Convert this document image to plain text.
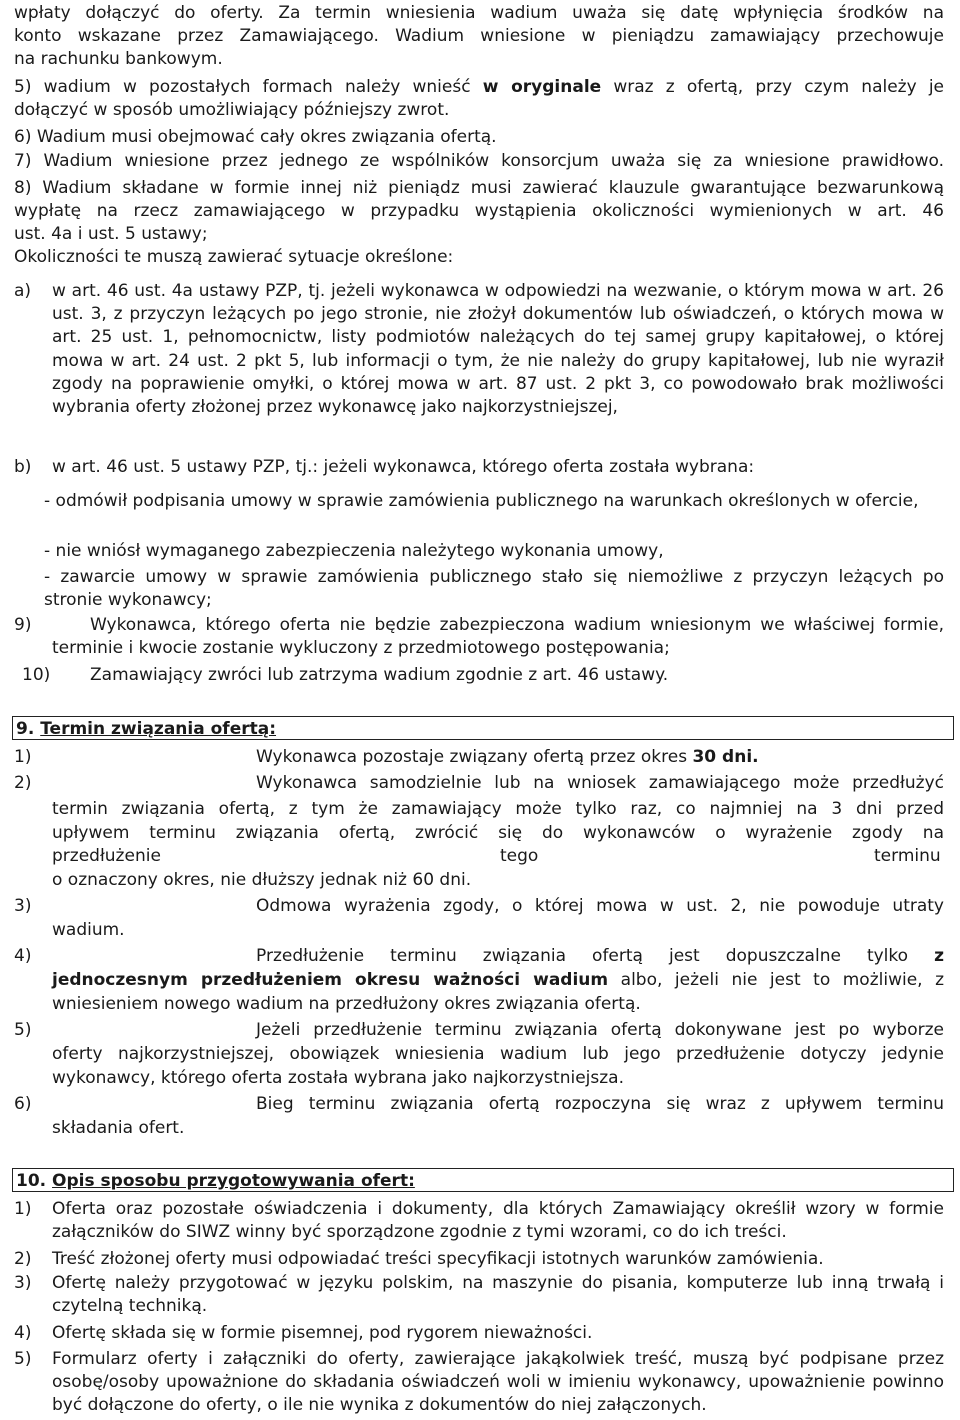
wpłaty dołączyć do oferty. Za termin wniesienia wadium uważa się datę wpłynięcia środków na
konto wskazane przez Zamawiającego. Wadium wniesione w pieniądzu zamawiający przechowuje
na rachunku bankowym.
5) wadium w pozostałych formach należy wnieść w oryginale wraz z ofertą, przy czym należy je
dołączyć w sposób umożliwiający późniejszy zwrot.
6) Wadium musi obejmować cały okres związania ofertą.
7) Wadium wniesione przez jednego ze wspólników konsorcjum uważa się za wniesione prawidłowo.
8) Wadium składane w formie innej niż pieniądz musi zawierać klauzule gwarantujące bezwarunkową
wypłatę na rzecz zamawiającego w przypadku wystąpienia okoliczności wymienionych w art. 46
ust. 4a i ust. 5 ustawy;
Okoliczności te muszą zawierać sytuacje określone:
a) w art. 46 ust. 4a ustawy PZP, tj. jeżeli wykonawca w odpowiedzi na wezwanie, o którym mowa w art. 26 ust. 3, z przyczyn leżących po jego stronie, nie złożył dokumentów lub oświadczeń, o których mowa w art. 25 ust. 1, pełnomocnictw, listy podmiotów należących do tej samej grupy kapitałowej, o której mowa w art. 24 ust. 2 pkt 5, lub informacji o tym, że nie należy do grupy kapitałowej, lub nie wyraził zgody na poprawienie omyłki, o której mowa w art. 87 ust. 2 pkt 3, co powodowało brak możliwości wybrania oferty złożonej przez wykonawcę jako najkorzystniejszej,
b) w art. 46 ust. 5 ustawy PZP, tj.: jeżeli wykonawca, którego oferta została wybrana:
- odmówił podpisania umowy w sprawie zamówienia publicznego na warunkach określonych w ofercie,
- nie wniósł wymaganego zabezpieczenia należytego wykonania umowy,
- zawarcie umowy w sprawie zamówienia publicznego stało się niemożliwe z przyczyn leżących po stronie wykonawcy;
9)	Wykonawca, którego oferta nie będzie zabezpieczona wadium wniesionym we właściwej formie, terminie i kwocie zostanie wykluczony z przedmiotowego postępowania;
10) Zamawiający zwróci lub zatrzyma wadium zgodnie z art. 46 ustawy.
9. Termin związania ofertą:
1)	Wykonawca pozostaje związany ofertą przez okres 30 dni.
2)	Wykonawca samodzielnie lub na wniosek zamawiającego może przedłużyć
termin związania ofertą, z tym że zamawiający może tylko raz, co najmniej na 3 dni przed
upływem terminu związania ofertą, zwrócić się do wykonawców o wyrażenie zgody na
przedłużenie	tego	terminu
o oznaczony okres, nie dłuższy jednak niż 60 dni.
3)	Odmowa wyrażenia zgody, o której mowa w ust. 2, nie powoduje utraty
wadium.
4)	Przedłużenie terminu związania ofertą jest dopuszczalne tylko z
jednoczesnym przedłużeniem okresu ważności wadium albo, jeżeli nie jest to możliwie, z
wniesieniem nowego wadium na przedłużony okres związania ofertą.
5)	Jeżeli przedłużenie terminu związania ofertą dokonywane jest po wyborze
oferty najkorzystniejszej, obowiązek wniesienia wadium lub jego przedłużenie dotyczy jedynie
wykonawcy, którego oferta została wybrana jako najkorzystniejsza.
6)	Bieg terminu związania ofertą rozpoczyna się wraz z upływem terminu
składania ofert.
10. Opis sposobu przygotowywania ofert:
1) Oferta oraz pozostałe oświadczenia i dokumenty, dla których Zamawiający określił wzory w formie załączników do SIWZ winny być sporządzone zgodnie z tymi wzorami, co do ich treści.
2) Treść złożonej oferty musi odpowiadać treści specyfikacji istotnych warunków zamówienia.
3) Ofertę należy przygotować w języku polskim, na maszynie do pisania, komputerze lub inną trwałą i czytelną techniką.
4) Ofertę składa się w formie pisemnej, pod rygorem nieważności.
5) Formularz oferty i załączniki do oferty, zawierające jakąkolwiek treść, muszą być podpisane przez osobę/osoby upoważnione do składania oświadczeń woli w imieniu wykonawcy, upoważnienie powinno być dołączone do oferty, o ile nie wynika z dokumentów do niej załączonych.
